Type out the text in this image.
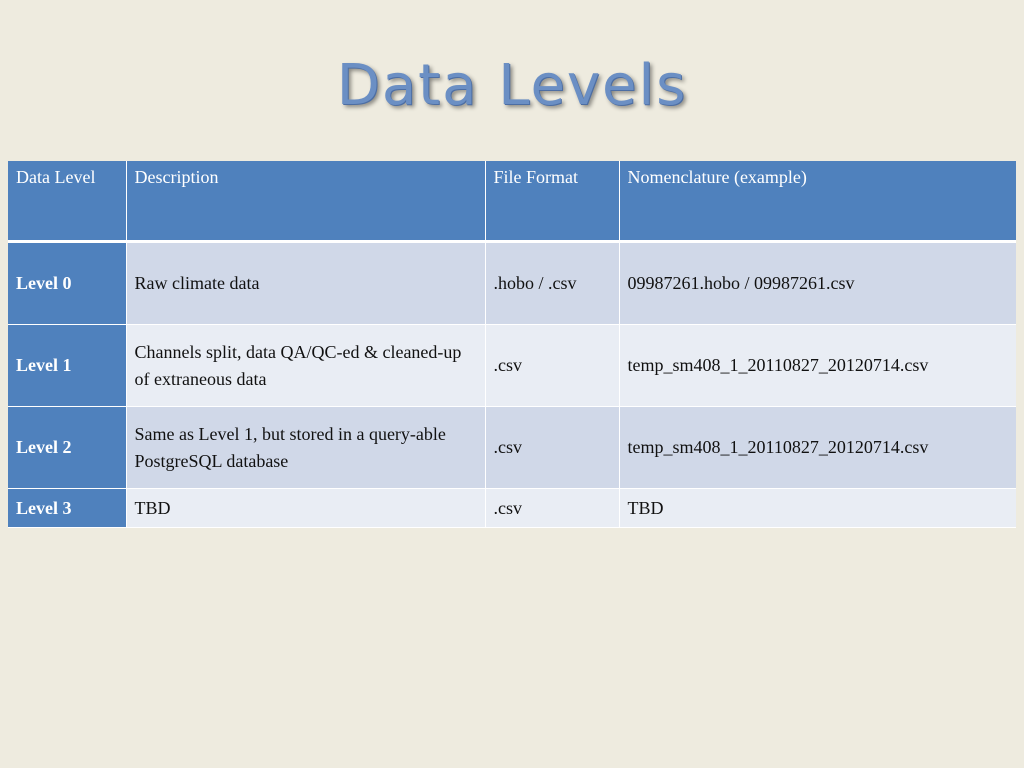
Data Levels
Data Level	Description	File Format	Nomenclature (example)
Level 0	Raw climate data	.hobo / .csv	09987261.hobo / 09987261.csv
Level 1	Channels split, data QA/QC-ed & cleaned-up of extraneous data	.csv	temp_sm408_1_20110827_20120714.csv
Level 2	Same as Level 1, but stored in a query-able PostgreSQL database	.csv	temp_sm408_1_20110827_20120714.csv
Level 3	TBD	.csv	TBD
